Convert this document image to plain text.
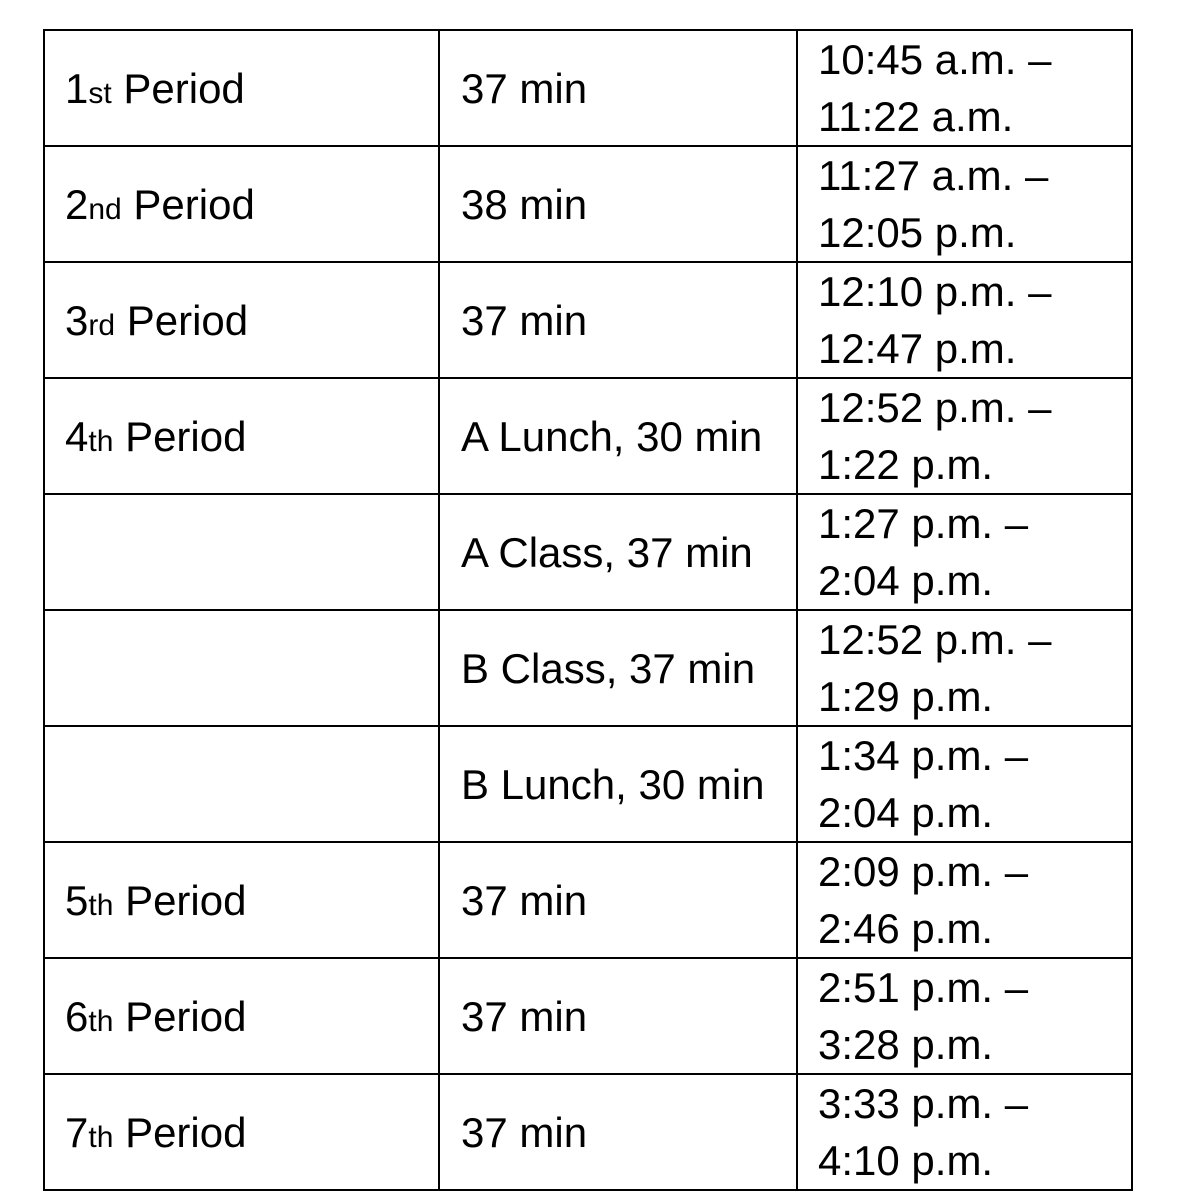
1st Period	37 min	10:45 a.m. –
11:22 a.m.

2nd Period	38 min	11:27 a.m. –
12:05 p.m.

3rd Period	37 min	12:10 p.m. –
12:47 p.m.

4th Period	A Lunch, 30 min	12:52 p.m. –
1:22 p.m.

	A Class, 37 min	1:27 p.m. –
2:04 p.m.

	B Class, 37 min	12:52 p.m. –
1:29 p.m.

	B Lunch, 30 min	1:34 p.m. –
2:04 p.m.

5th Period	37 min	2:09 p.m. –
2:46 p.m.

6th Period	37 min	2:51 p.m. –
3:28 p.m.

7th Period	37 min	3:33 p.m. –
4:10 p.m.
